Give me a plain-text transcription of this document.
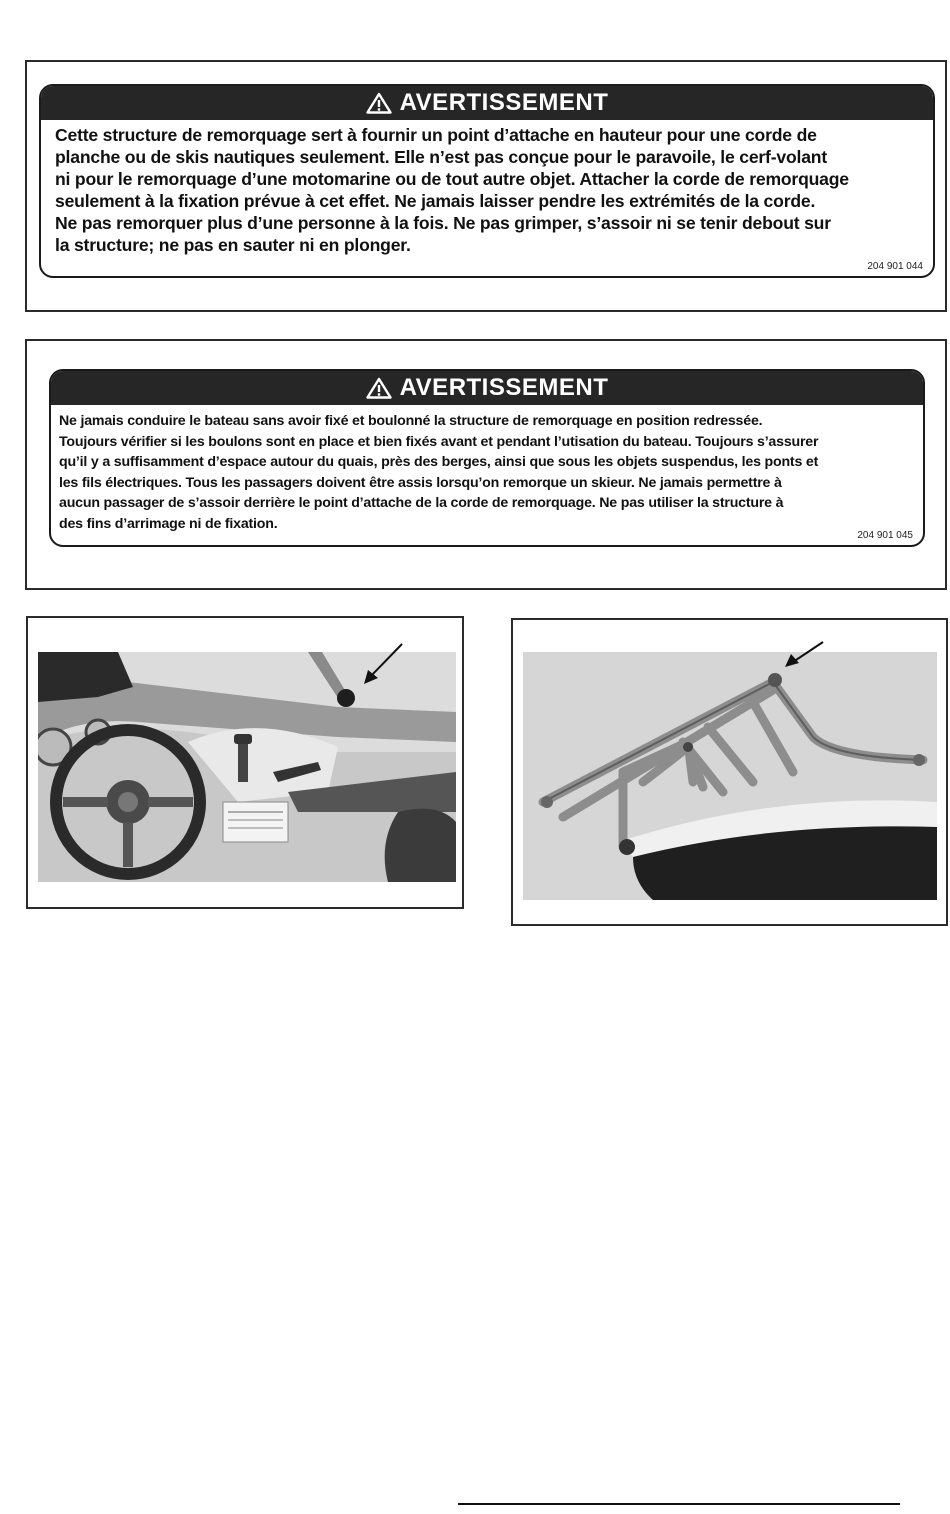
AVERTISSEMENT
Cette structure de remorquage sert à fournir un point d’attache en hauteur pour une corde de
planche ou de skis nautiques seulement. Elle n’est pas conçue pour le paravoile, le cerf-volant
ni pour le remorquage d’une motomarine ou de tout autre objet. Attacher la corde de remorquage
seulement à la fixation prévue à cet effet. Ne jamais laisser pendre les extrémités de la corde.
Ne pas remorquer plus d’une personne à la fois. Ne pas grimper, s’assoir ni se tenir debout sur
la structure; ne pas en sauter ni en plonger.
204 901 044
AVERTISSEMENT
Ne jamais conduire le bateau sans avoir fixé et boulonné la structure de remorquage en position redressée.
Toujours vérifier si les boulons sont en place et bien fixés avant et pendant l’utisation du bateau. Toujours s’assurer
qu’il y a suffisamment d’espace autour du quais, près des berges, ainsi que sous les objets suspendus, les ponts et
les fils électriques. Tous les passagers doivent être assis lorsqu’on remorque un skieur. Ne jamais permettre à
aucun passager de s’assoir derrière le point d’attache de la corde de remorquage. Ne pas utiliser la structure à
des fins d’arrimage ni de fixation.
204 901 045
